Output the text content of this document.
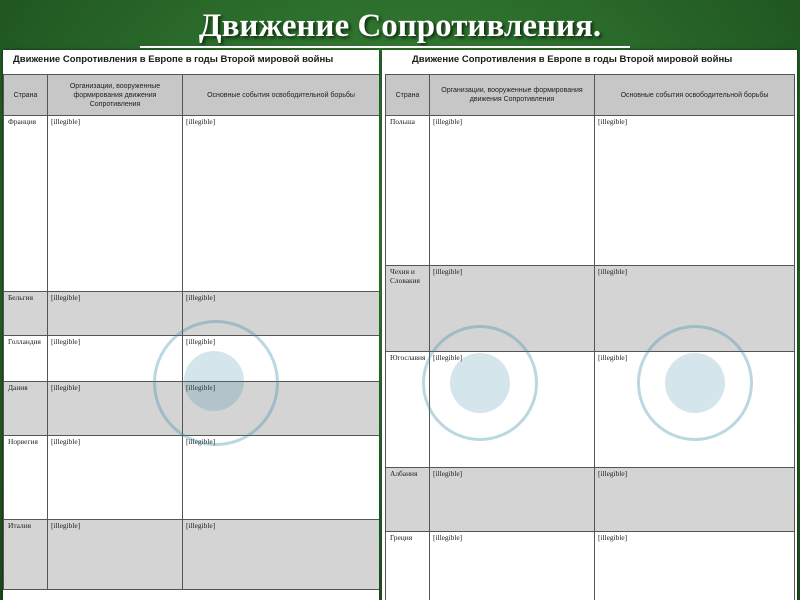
Движение Сопротивления.
Движение Сопротивления в Европе в годы Второй мировой войны
Страна	Организации, вооруженные формирования движения Сопротивления	Основные события освободительной борьбы
Франция	[illegible]	[illegible]
Бельгия	[illegible]	[illegible]
Голландия	[illegible]	[illegible]
Дания	[illegible]	[illegible]
Норвегия	[illegible]	[illegible]
Италия	[illegible]	[illegible]
Движение Сопротивления в Европе в годы Второй мировой войны
Страна	Организации, вооруженные формирования движения Сопротивления	Основные события освободительной борьбы
Польша	[illegible]	[illegible]
Чехия и Словакия	[illegible]	[illegible]
Югославия	[illegible]	[illegible]
Албания	[illegible]	[illegible]
Греция	[illegible]	[illegible]
